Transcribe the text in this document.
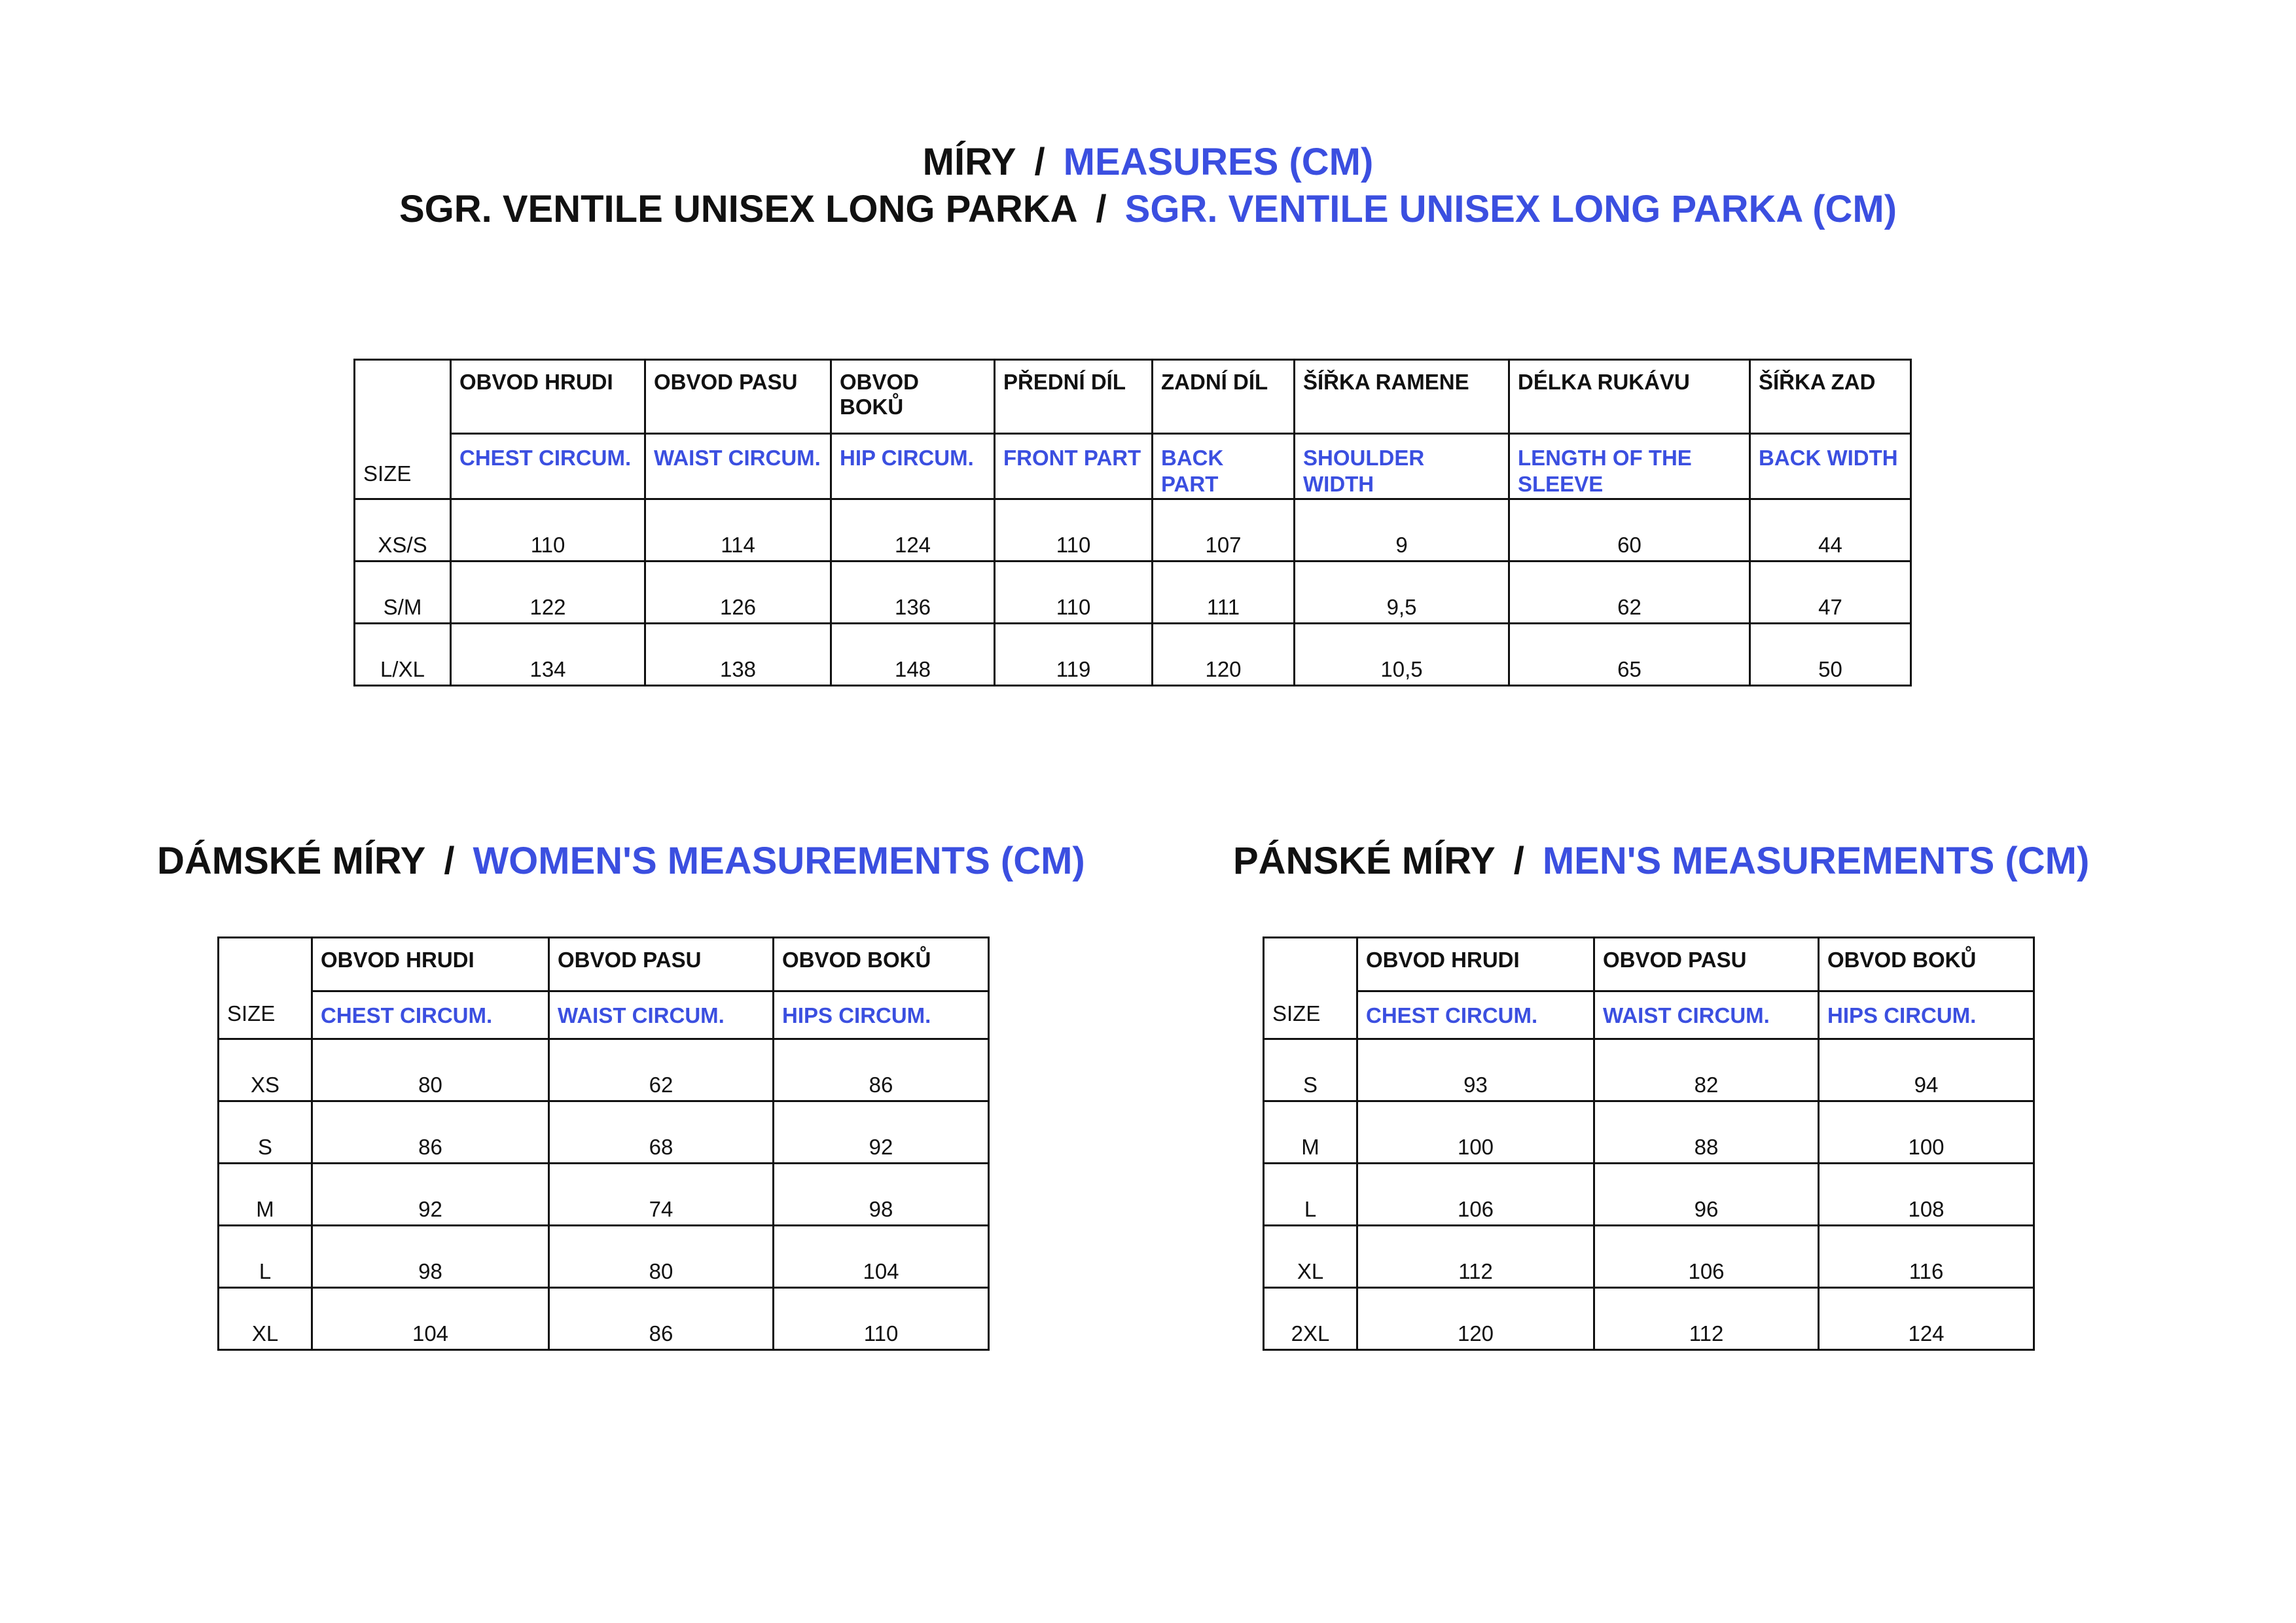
MÍRY / MEASURES (CM)
SGR. VENTILE UNISEX LONG PARKA / SGR. VENTILE UNISEX LONG PARKA (CM)
SIZE	OBVOD HRUDI	OBVOD PASU	OBVOD BOKŮ	PŘEDNÍ DÍL	ZADNÍ DÍL	ŠÍŘKA RAMENE	DÉLKA RUKÁVU	ŠÍŘKA ZAD
	CHEST CIRCUM.	WAIST CIRCUM.	HIP CIRCUM.	FRONT PART	BACK PART	SHOULDER WIDTH	LENGTH OF THE SLEEVE	BACK WIDTH
XS/S	110	114	124	110	107	9	60	44
S/M	122	126	136	110	111	9,5	62	47
L/XL	134	138	148	119	120	10,5	65	50
DÁMSKÉ MÍRY / WOMEN'S MEASUREMENTS (CM)
SIZE	OBVOD HRUDI	OBVOD PASU	OBVOD BOKŮ
	CHEST CIRCUM.	WAIST CIRCUM.	HIPS CIRCUM.
XS	80	62	86
S	86	68	92
M	92	74	98
L	98	80	104
XL	104	86	110
PÁNSKÉ MÍRY / MEN'S MEASUREMENTS (CM)
SIZE	OBVOD HRUDI	OBVOD PASU	OBVOD BOKŮ
	CHEST CIRCUM.	WAIST CIRCUM.	HIPS CIRCUM.
S	93	82	94
M	100	88	100
L	106	96	108
XL	112	106	116
2XL	120	112	124
